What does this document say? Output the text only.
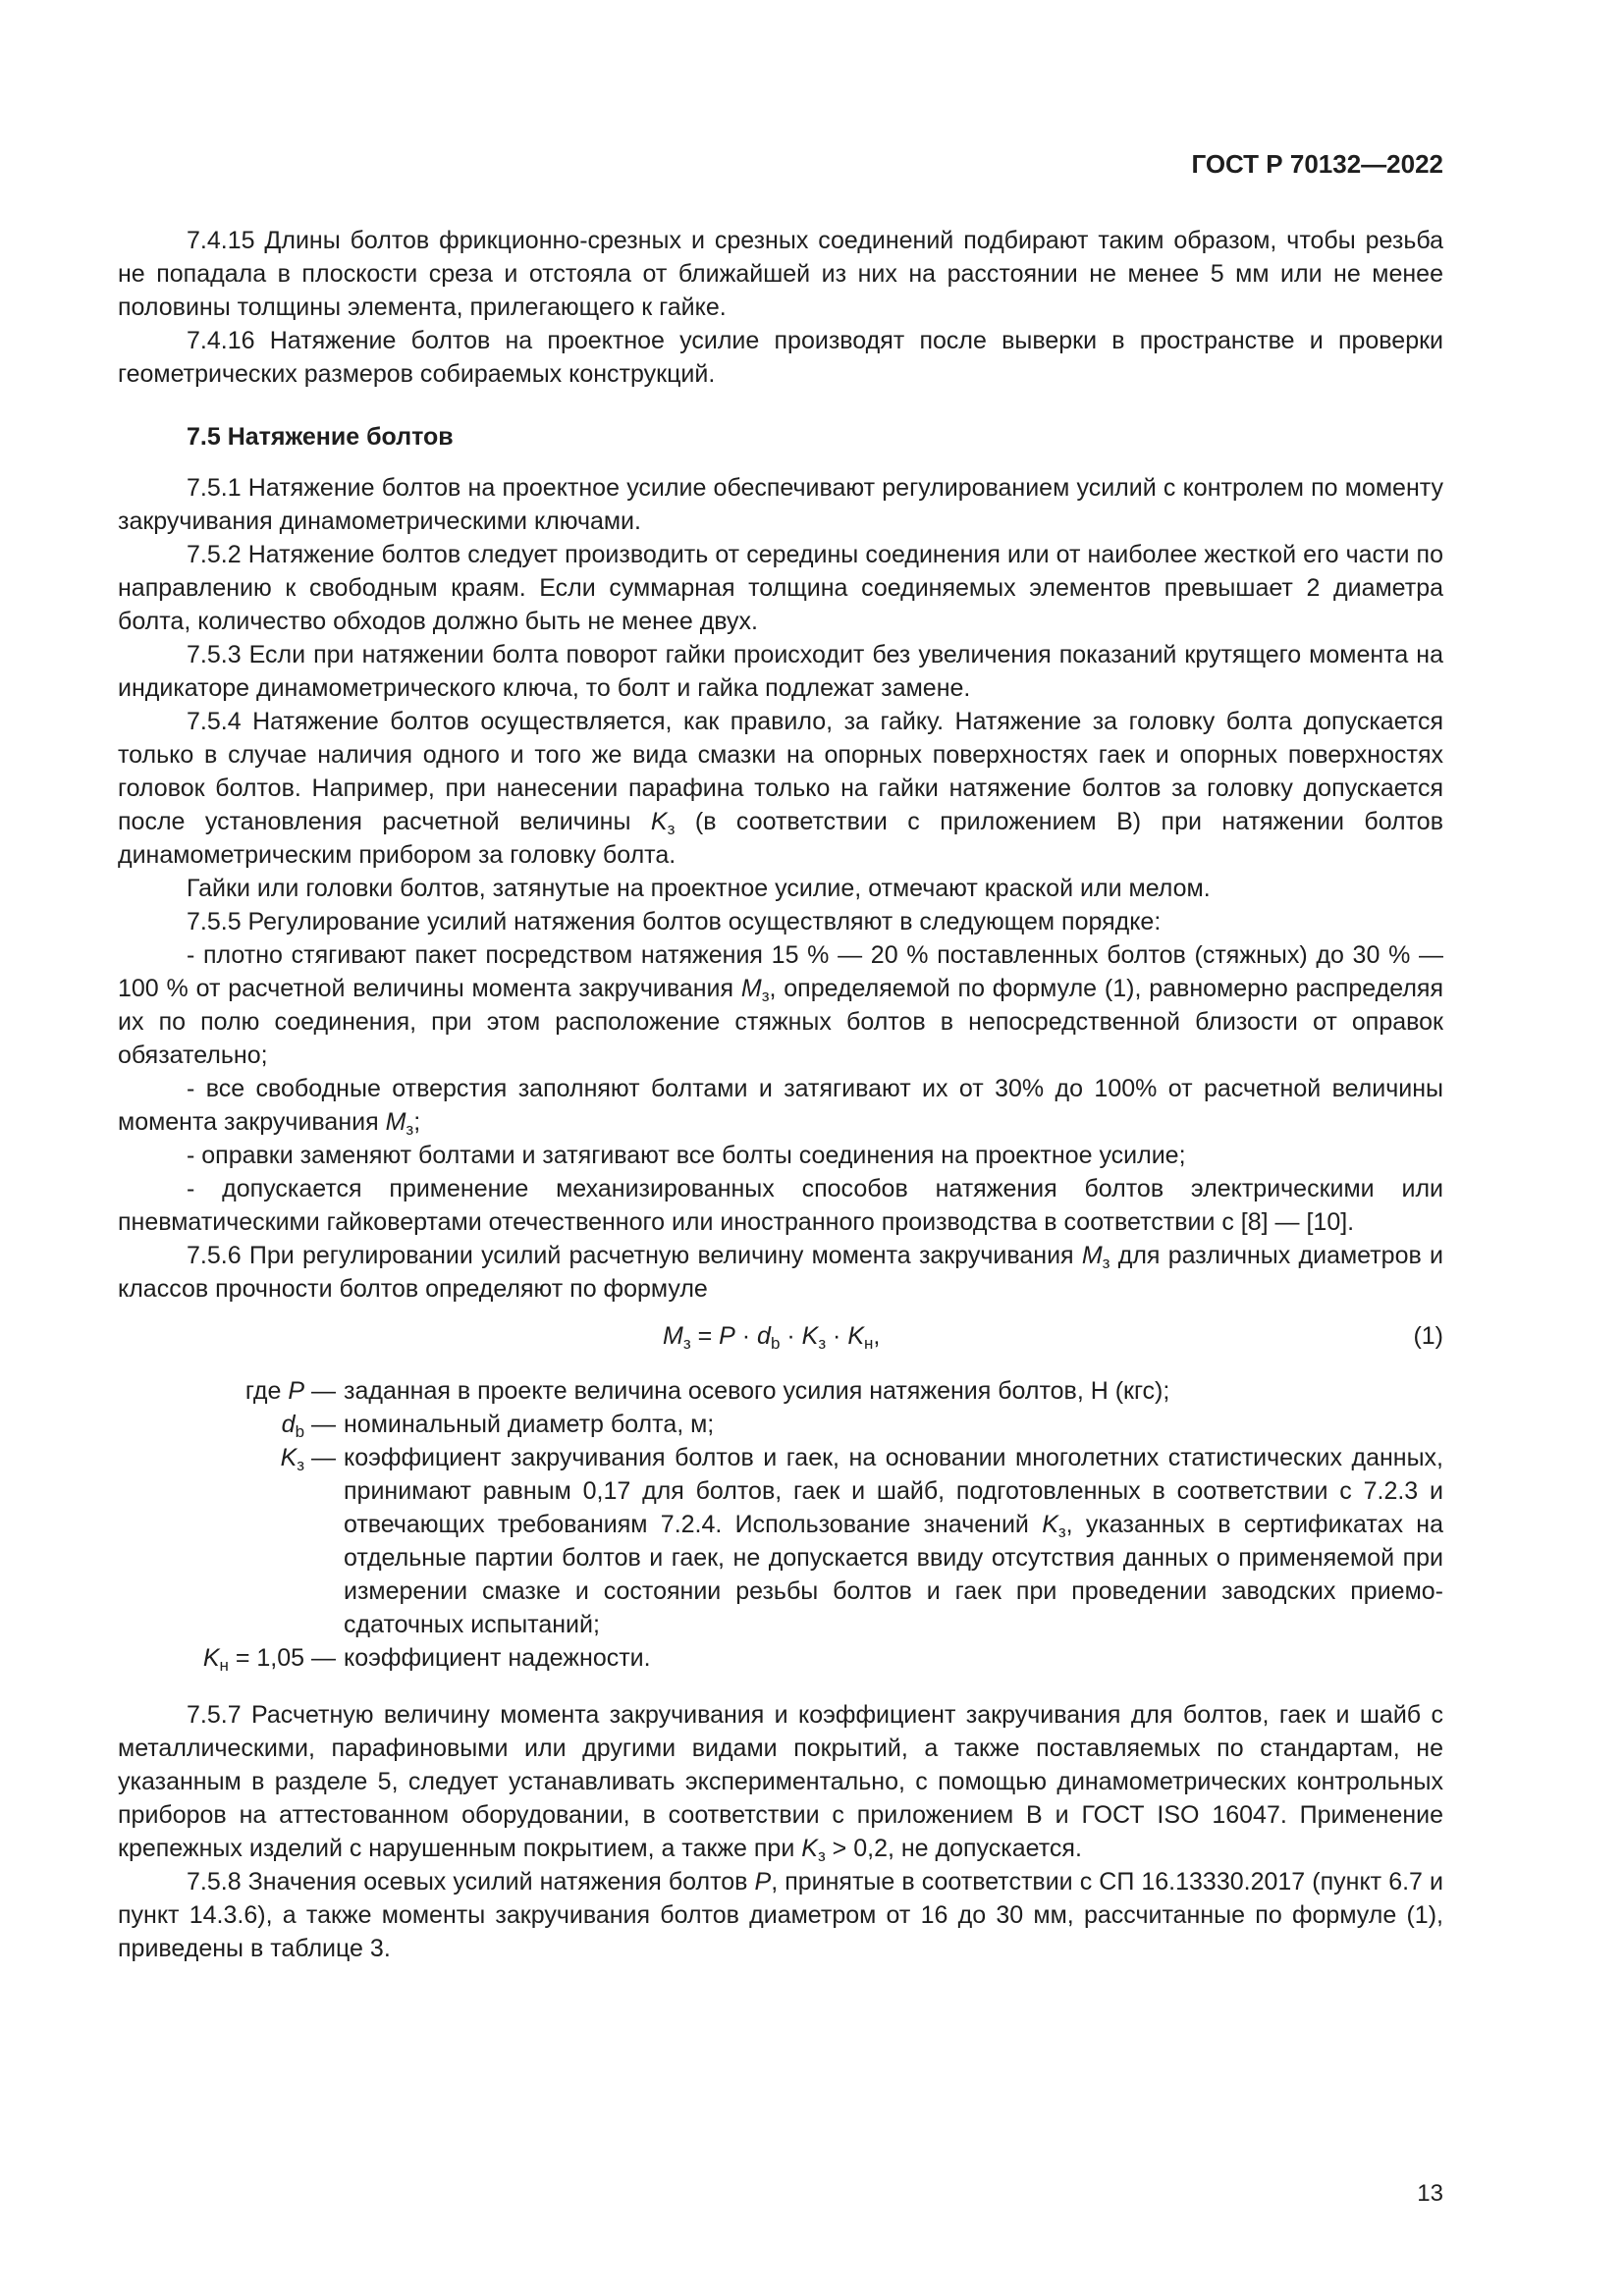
ГОСТ Р 70132—2022

7.4.15 Длины болтов фрикционно-срезных и срезных соединений подбирают таким образом, чтобы резьба не попадала в плоскости среза и отстояла от ближайшей из них на расстоянии не менее 5 мм или не менее половины толщины элемента, прилегающего к гайке.

7.4.16 Натяжение болтов на проектное усилие производят после выверки в пространстве и проверки геометрических размеров собираемых конструкций.

7.5 Натяжение болтов

7.5.1 Натяжение болтов на проектное усилие обеспечивают регулированием усилий с контролем по моменту закручивания динамометрическими ключами.

7.5.2 Натяжение болтов следует производить от середины соединения или от наиболее жесткой его части по направлению к свободным краям. Если суммарная толщина соединяемых элементов превышает 2 диаметра болта, количество обходов должно быть не менее двух.

7.5.3 Если при натяжении болта поворот гайки происходит без увеличения показаний крутящего момента на индикаторе динамометрического ключа, то болт и гайка подлежат замене.

7.5.4 Натяжение болтов осуществляется, как правило, за гайку. Натяжение за головку болта допускается только в случае наличия одного и того же вида смазки на опорных поверхностях гаек и опорных поверхностях головок болтов. Например, при нанесении парафина только на гайки натяжение болтов за головку допускается после установления расчетной величины $K_з$ (в соответствии с приложением В) при натяжении болтов динамометрическим прибором за головку болта.

Гайки или головки болтов, затянутые на проектное усилие, отмечают краской или мелом.

7.5.5 Регулирование усилий натяжения болтов осуществляют в следующем порядке:

- плотно стягивают пакет посредством натяжения 15 % — 20 % поставленных болтов (стяжных) до 30 % — 100 % от расчетной величины момента закручивания $M_з$, определяемой по формуле (1), равномерно распределяя их по полю соединения, при этом расположение стяжных болтов в непосредственной близости от оправок обязательно;

- все свободные отверстия заполняют болтами и затягивают их от 30% до 100% от расчетной величины момента закручивания $M_з$;

- оправки заменяют болтами и затягивают все болты соединения на проектное усилие;

- допускается применение механизированных способов натяжения болтов электрическими или пневматическими гайковертами отечественного или иностранного производства в соответствии с [8] — [10].

7.5.6 При регулировании усилий расчетную величину момента закручивания $M_з$ для различных диаметров и классов прочности болтов определяют по формуле

$M_з = P \cdot d_b \cdot K_з \cdot K_н$,	(1)
где P — заданная в проекте величина осевого усилия натяжения болтов, Н (кгс);
$d_b$ — номинальный диаметр болта, м;
$K_з$ — коэффициент закручивания болтов и гаек, на основании многолетних статистических данных, принимают равным 0,17 для болтов, гаек и шайб, подготовленных в соответствии с 7.2.3 и отвечающих требованиям 7.2.4. Использование значений $K_з$, указанных в сертификатах на отдельные партии болтов и гаек, не допускается ввиду отсутствия данных о применяемой при измерении смазке и состоянии резьбы болтов и гаек при проведении заводских приемо-сдаточных испытаний;
$K_н = 1,05$ — коэффициент надежности.

7.5.7 Расчетную величину момента закручивания и коэффициент закручивания для болтов, гаек и шайб с металлическими, парафиновыми или другими видами покрытий, а также поставляемых по стандартам, не указанным в разделе 5, следует устанавливать экспериментально, с помощью динамометрических контрольных приборов на аттестованном оборудовании, в соответствии с приложением В и ГОСТ ISO 16047. Применение крепежных изделий с нарушенным покрытием, а также при $K_з > 0,2$, не допускается.

7.5.8 Значения осевых усилий натяжения болтов P, принятые в соответствии с СП 16.13330.2017 (пункт 6.7 и пункт 14.3.6), а также моменты закручивания болтов диаметром от 16 до 30 мм, рассчитанные по формуле (1), приведены в таблице 3.

13
